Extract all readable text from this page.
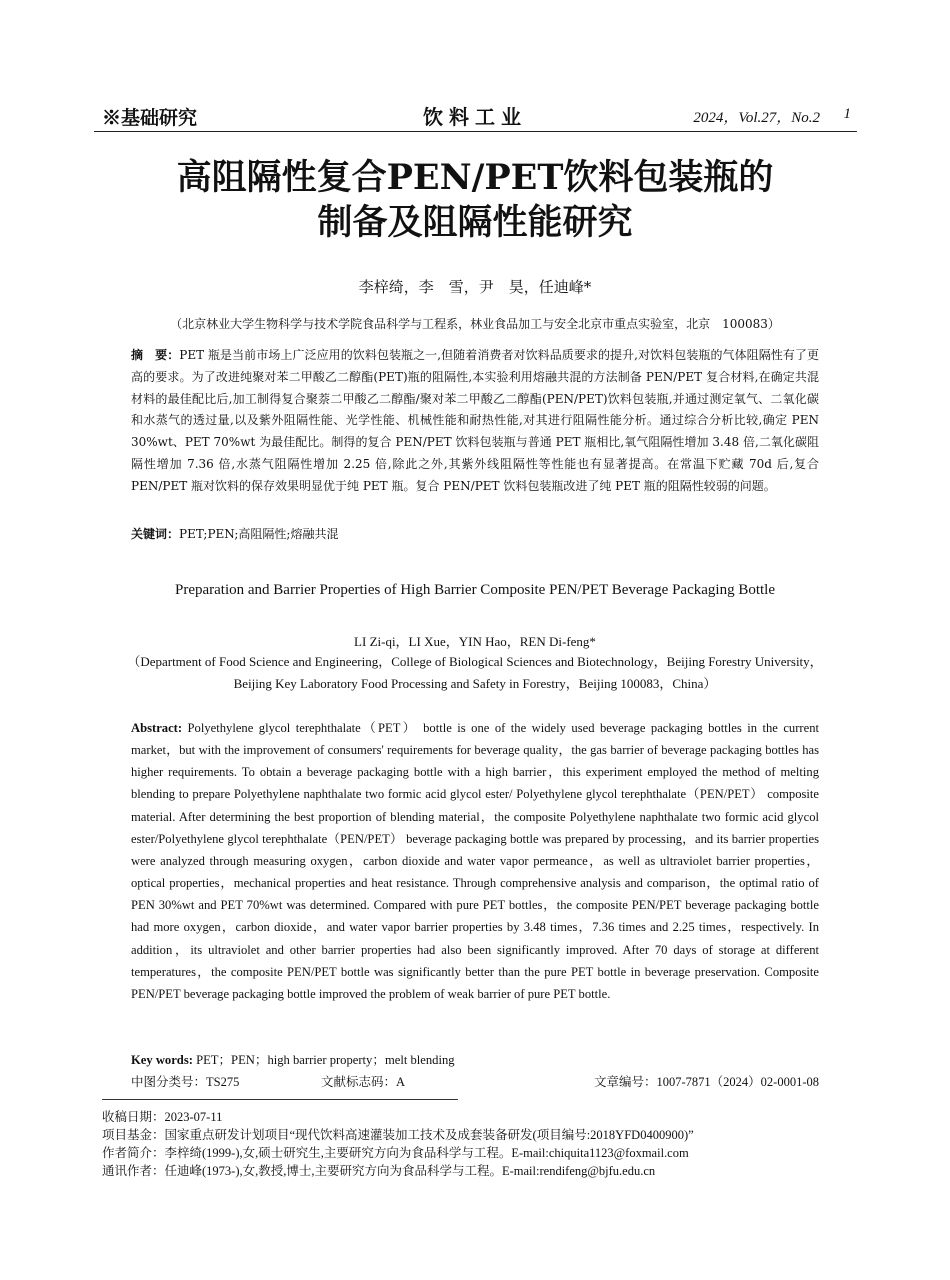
※基础研究	饮料工业	2024，Vol.27，No.2 1
高阻隔性复合PEN/PET饮料包装瓶的
制备及阻隔性能研究
李梓绮，李　雪，尹　昊，任迪峰*
（北京林业大学生物科学与技术学院食品科学与工程系，林业食品加工与安全北京市重点实验室，北京　100083）
摘　要：PET 瓶是当前市场上广泛应用的饮料包装瓶之一,但随着消费者对饮料品质要求的提升,对饮料包装瓶的气体阻隔性有了更高的要求。为了改进纯聚对苯二甲酸乙二醇酯(PET)瓶的阻隔性,本实验利用熔融共混的方法制备 PEN/PET 复合材料,在确定共混材料的最佳配比后,加工制得复合聚萘二甲酸乙二醇酯/聚对苯二甲酸乙二醇酯(PEN/PET)饮料包装瓶,并通过测定氧气、二氧化碳和水蒸气的透过量,以及紫外阻隔性能、光学性能、机械性能和耐热性能,对其进行阻隔性能分析。通过综合分析比较,确定 PEN 30%wt、PET 70%wt 为最佳配比。制得的复合 PEN/PET 饮料包装瓶与普通 PET 瓶相比,氧气阻隔性增加 3.48 倍,二氧化碳阻隔性增加 7.36 倍,水蒸气阻隔性增加 2.25 倍,除此之外,其紫外线阻隔性等性能也有显著提高。在常温下贮藏 70d 后,复合 PEN/PET 瓶对饮料的保存效果明显优于纯 PET 瓶。复合 PEN/PET 饮料包装瓶改进了纯 PET 瓶的阻隔性较弱的问题。
关键词：PET;PEN;高阻隔性;熔融共混
Preparation and Barrier Properties of High Barrier Composite PEN/PET Beverage Packaging Bottle
LI Zi-qi，LI Xue，YIN Hao，REN Di-feng*
（Department of Food Science and Engineering，College of Biological Sciences and Biotechnology，Beijing Forestry University，Beijing Key Laboratory Food Processing and Safety in Forestry，Beijing 100083，China）
Abstract: Polyethylene glycol terephthalate（PET） bottle is one of the widely used beverage packaging bottles in the current market，but with the improvement of consumers' requirements for beverage quality，the gas barrier of beverage packaging bottles has higher requirements. To obtain a beverage packaging bottle with a high barrier，this experiment employed the method of melting blending to prepare Polyethylene naphthalate two formic acid glycol ester/ Polyethylene glycol terephthalate（PEN/PET） composite material. After determining the best proportion of blending material，the composite Polyethylene naphthalate two formic acid glycol ester/Polyethylene glycol terephthalate（PEN/PET） beverage packaging bottle was prepared by processing，and its barrier properties were analyzed through measuring oxygen，carbon dioxide and water vapor permeance，as well as ultraviolet barrier properties，optical properties，mechanical properties and heat resistance. Through comprehensive analysis and comparison，the optimal ratio of PEN 30%wt and PET 70%wt was determined. Compared with pure PET bottles，the composite PEN/PET beverage packaging bottle had more oxygen，carbon dioxide，and water vapor barrier properties by 3.48 times，7.36 times and 2.25 times，respectively. In addition，its ultraviolet and other barrier properties had also been significantly improved. After 70 days of storage at different temperatures，the composite PEN/PET bottle was significantly better than the pure PET bottle in beverage preservation. Composite PEN/PET beverage packaging bottle improved the problem of weak barrier of pure PET bottle.
Key words: PET；PEN；high barrier property；melt blending
中图分类号：TS275	文献标志码：A	文章编号：1007-7871（2024）02-0001-08
收稿日期：2023-07-11
项目基金：国家重点研发计划项目“现代饮料高速灌装加工技术及成套装备研发(项目编号:2018YFD0400900)”
作者简介：李梓绮(1999-),女,硕士研究生,主要研究方向为食品科学与工程。E-mail:chiquita1123@foxmail.com
通讯作者：任迪峰(1973-),女,教授,博士,主要研究方向为食品科学与工程。E-mail:rendifeng@bjfu.edu.cn
